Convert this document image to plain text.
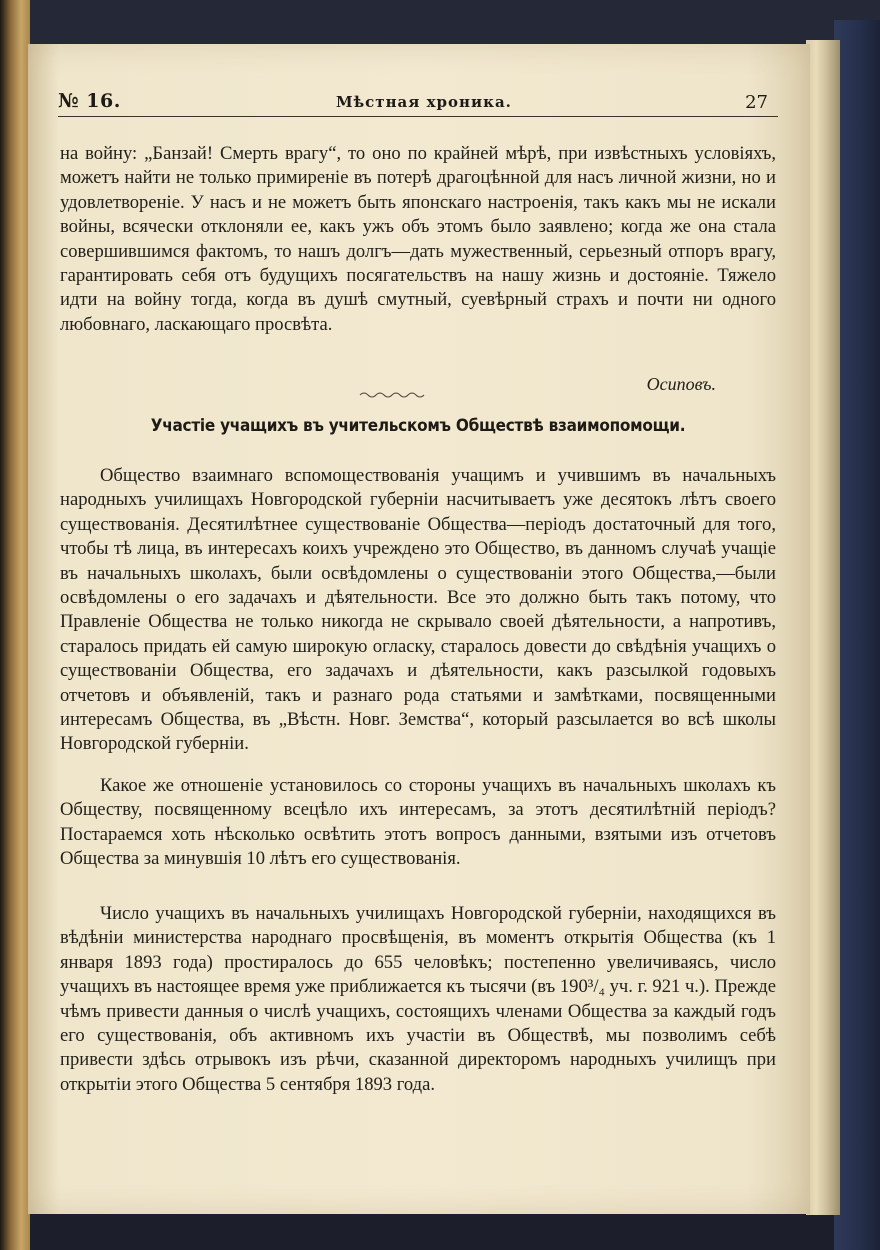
№ 16.	Мѣстная хроника.	27

на войну: „Банзай! Смерть врагу“, то оно по крайней мѣрѣ, при извѣстныхъ условіяхъ, можетъ найти не только примиреніе въ потерѣ драгоцѣнной для насъ личной жизни, но и удовлетвореніе. У насъ и не можетъ быть японскаго настроенія, такъ какъ мы не искали войны, всячески отклоняли ее, какъ ужъ объ этомъ было заявлено; когда же она стала совершившимся фактомъ, то нашъ долгъ—дать мужественный, серьезный отпоръ врагу, гарантировать себя отъ будущихъ посягательствъ на нашу жизнь и достояніе. Тяжело идти на войну тогда, когда въ душѣ смутный, суевѣрный страхъ и почти ни одного любовнаго, ласкающаго просвѣта.

Осиповъ.
Участіе учащихъ въ учительскомъ Обществѣ взаимопомощи.

Общество взаимнаго вспомоществованія учащимъ и учившимъ въ начальныхъ народныхъ училищахъ Новгородской губерніи насчитываетъ уже десятокъ лѣтъ своего существованія. Десятилѣтнее существованіе Общества—періодъ достаточный для того, чтобы тѣ лица, въ интересахъ коихъ учреждено это Общество, въ данномъ случаѣ учащіе въ начальныхъ школахъ, были освѣдомлены о существованіи этого Общества,—были освѣдомлены о его задачахъ и дѣятельности. Все это должно быть такъ потому, что Правленіе Общества не только никогда не скрывало своей дѣятельности, а напротивъ, старалось придать ей самую широкую огласку, старалось довести до свѣдѣнія учащихъ о существованіи Общества, его задачахъ и дѣятельности, какъ разсылкой годовыхъ отчетовъ и объявленій, такъ и разнаго рода статьями и замѣтками, посвященными интересамъ Общества, въ „Вѣстн. Новг. Земства“, который разсылается во всѣ школы Новгородской губерніи.

Какое же отношеніе установилось со стороны учащихъ въ начальныхъ школахъ къ Обществу, посвященному всецѣло ихъ интересамъ, за этотъ десятилѣтній періодъ? Постараемся хоть нѣсколько освѣтить этотъ вопросъ данными, взятыми изъ отчетовъ Общества за минувшія 10 лѣтъ его существованія.

Число учащихъ въ начальныхъ училищахъ Новгородской губерніи, находящихся въ вѣдѣніи министерства народнаго просвѣщенія, въ моментъ открытія Общества (къ 1 января 1893 года) простиралось до 655 человѣкъ; постепенно увеличиваясь, число учащихъ въ настоящее время уже приближается къ тысячи (въ 190³/₄ уч. г. 921 ч.). Прежде чѣмъ привести данныя о числѣ учащихъ, состоящихъ членами Общества за каждый годъ его существованія, объ активномъ ихъ участіи въ Обществѣ, мы позволимъ себѣ привести здѣсь отрывокъ изъ рѣчи, сказанной директоромъ народныхъ училищъ при открытіи этого Общества 5 сентября 1893 года.
